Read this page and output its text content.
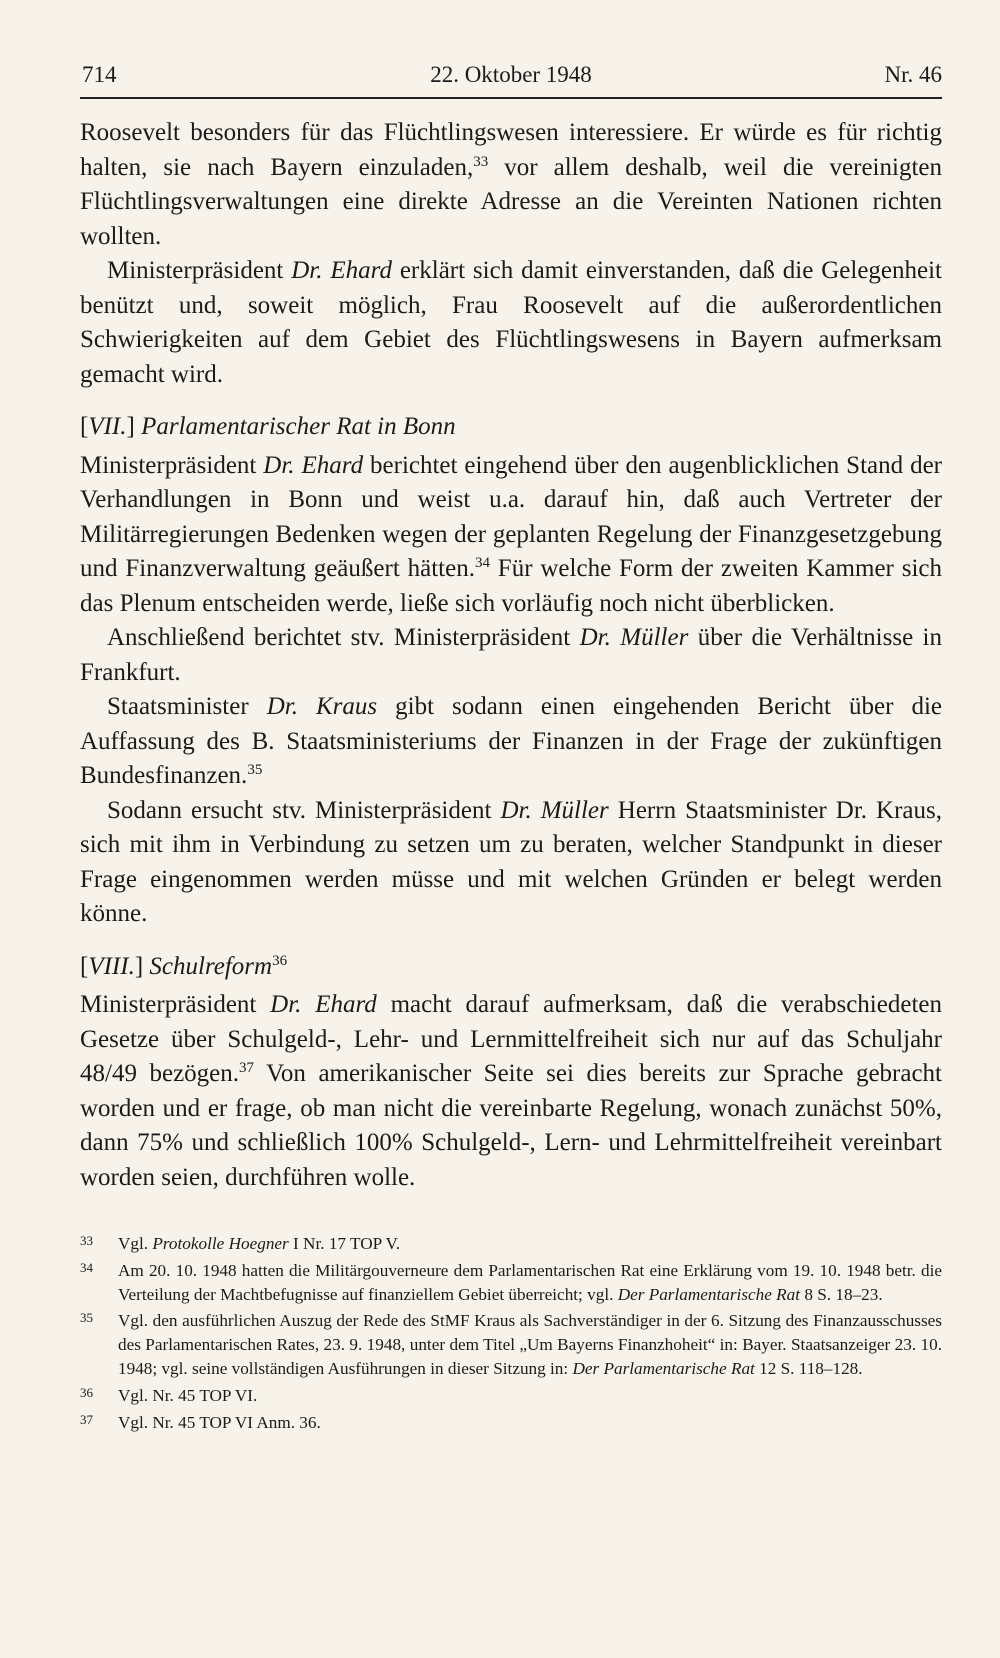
714	22. Oktober 1948	Nr. 46

Roosevelt besonders für das Flüchtlingswesen interessiere. Er würde es für richtig halten, sie nach Bayern einzuladen,$^{33}$ vor allem deshalb, weil die vereinigten Flüchtlingsverwaltungen eine direkte Adresse an die Vereinten Nationen richten wollten.

Ministerpräsident Dr. Ehard erklärt sich damit einverstanden, daß die Gelegenheit benützt und, soweit möglich, Frau Roosevelt auf die außerordentlichen Schwierigkeiten auf dem Gebiet des Flüchtlingswesens in Bayern aufmerksam gemacht wird.

[VII.] Parlamentarischer Rat in Bonn

Ministerpräsident Dr. Ehard berichtet eingehend über den augenblicklichen Stand der Verhandlungen in Bonn und weist u.a. darauf hin, daß auch Vertreter der Militärregierungen Bedenken wegen der geplanten Regelung der Finanzgesetzgebung und Finanzverwaltung geäußert hätten.$^{34}$ Für welche Form der zweiten Kammer sich das Plenum entscheiden werde, ließe sich vorläufig noch nicht überblicken.

Anschließend berichtet stv. Ministerpräsident Dr. Müller über die Verhältnisse in Frankfurt.

Staatsminister Dr. Kraus gibt sodann einen eingehenden Bericht über die Auffassung des B. Staatsministeriums der Finanzen in der Frage der zukünftigen Bundesfinanzen.$^{35}$

Sodann ersucht stv. Ministerpräsident Dr. Müller Herrn Staatsminister Dr. Kraus, sich mit ihm in Verbindung zu setzen um zu beraten, welcher Standpunkt in dieser Frage eingenommen werden müsse und mit welchen Gründen er belegt werden könne.

[VIII.] Schulreform$^{36}$

Ministerpräsident Dr. Ehard macht darauf aufmerksam, daß die verabschiedeten Gesetze über Schulgeld-, Lehr- und Lernmittelfreiheit sich nur auf das Schuljahr 48/49 bezögen.$^{37}$ Von amerikanischer Seite sei dies bereits zur Sprache gebracht worden und er frage, ob man nicht die vereinbarte Regelung, wonach zunächst 50%, dann 75% und schließlich 100% Schulgeld-, Lern- und Lehrmittelfreiheit vereinbart worden seien, durchführen wolle.

33 Vgl. Protokolle Hoegner I Nr. 17 TOP V.
34 Am 20. 10. 1948 hatten die Militärgouverneure dem Parlamentarischen Rat eine Erklärung vom 19. 10. 1948 betr. die Verteilung der Machtbefugnisse auf finanziellem Gebiet überreicht; vgl. Der Parlamentarische Rat 8 S. 18–23.
35 Vgl. den ausführlichen Auszug der Rede des StMF Kraus als Sachverständiger in der 6. Sitzung des Finanzausschusses des Parlamentarischen Rates, 23. 9. 1948, unter dem Titel „Um Bayerns Finanzhoheit“ in: Bayer. Staatsanzeiger 23. 10. 1948; vgl. seine vollständigen Ausführungen in dieser Sitzung in: Der Parlamentarische Rat 12 S. 118–128.
36 Vgl. Nr. 45 TOP VI.
37 Vgl. Nr. 45 TOP VI Anm. 36.
